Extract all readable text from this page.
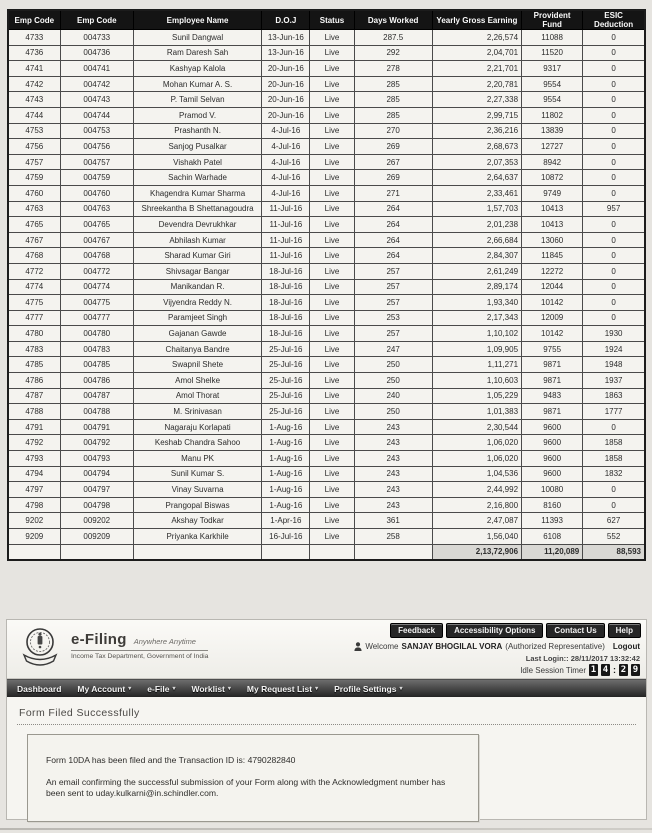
Emp Code	Emp Code	Employee Name	D.O.J	Status	Days Worked	Yearly Gross Earning	Provident Fund	ESIC Deduction
4733	004733	Sunil Dangwal	13-Jun-16	Live	287.5	2,26,574	11088	0
4736	004736	Ram Daresh Sah	13-Jun-16	Live	292	2,04,701	11520	0
4741	004741	Kashyap Kalola	20-Jun-16	Live	278	2,21,701	9317	0
4742	004742	Mohan Kumar A. S.	20-Jun-16	Live	285	2,20,781	9554	0
4743	004743	P. Tamil Selvan	20-Jun-16	Live	285	2,27,338	9554	0
4744	004744	Pramod V.	20-Jun-16	Live	285	2,99,715	11802	0
4753	004753	Prashanth N.	4-Jul-16	Live	270	2,36,216	13839	0
4756	004756	Sanjog Pusalkar	4-Jul-16	Live	269	2,68,673	12727	0
4757	004757	Vishakh Patel	4-Jul-16	Live	267	2,07,353	8942	0
4759	004759	Sachin Warhade	4-Jul-16	Live	269	2,64,637	10872	0
4760	004760	Khagendra Kumar Sharma	4-Jul-16	Live	271	2,33,461	9749	0
4763	004763	Shreekantha B Shettanagoudra	11-Jul-16	Live	264	1,57,703	10413	957
4765	004765	Devendra Devrukhkar	11-Jul-16	Live	264	2,01,238	10413	0
4767	004767	Abhilash Kumar	11-Jul-16	Live	264	2,66,684	13060	0
4768	004768	Sharad Kumar Giri	11-Jul-16	Live	264	2,84,307	11845	0
4772	004772	Shivsagar Bangar	18-Jul-16	Live	257	2,61,249	12272	0
4774	004774	Manikandan R.	18-Jul-16	Live	257	2,89,174	12044	0
4775	004775	Vijyendra Reddy N.	18-Jul-16	Live	257	1,93,340	10142	0
4777	004777	Paramjeet Singh	18-Jul-16	Live	253	2,17,343	12009	0
4780	004780	Gajanan Gawde	18-Jul-16	Live	257	1,10,102	10142	1930
4783	004783	Chaitanya Bandre	25-Jul-16	Live	247	1,09,905	9755	1924
4785	004785	Swapnil Shete	25-Jul-16	Live	250	1,11,271	9871	1948
4786	004786	Amol Shelke	25-Jul-16	Live	250	1,10,603	9871	1937
4787	004787	Amol Thorat	25-Jul-16	Live	240	1,05,229	9483	1863
4788	004788	M. Srinivasan	25-Jul-16	Live	250	1,01,383	9871	1777
4791	004791	Nagaraju Korlapati	1-Aug-16	Live	243	2,30,544	9600	0
4792	004792	Keshab Chandra Sahoo	1-Aug-16	Live	243	1,06,020	9600	1858
4793	004793	Manu PK	1-Aug-16	Live	243	1,06,020	9600	1858
4794	004794	Sunil Kumar S.	1-Aug-16	Live	243	1,04,536	9600	1832
4797	004797	Vinay Suvarna	1-Aug-16	Live	243	2,44,992	10080	0
4798	004798	Prangopal Biswas	1-Aug-16	Live	243	2,16,800	8160	0
9202	009202	Akshay Todkar	1-Apr-16	Live	361	2,47,087	11393	627
9209	009209	Priyanka Karkhile	16-Jul-16	Live	258	1,56,040	6108	552
						2,13,72,906	11,20,089	88,593
e-Filing Anywhere Anytime
Income Tax Department, Government of India
Feedback	Accessibility Options	Contact Us	Help
Welcome SANJAY BHOGILAL VORA (Authorized Representative) Logout
Last Login:: 28/11/2017 13:32:42
Idle Session Timer 1 4 : 2 9
Dashboard My Account ▾ e-File ▾ Worklist ▾ My Request List ▾ Profile Settings ▾
Form Filed Successfully

Form 10DA has been filed and the Transaction ID is: 4790282840

An email confirming the successful submission of your Form along with the Acknowledgment number has been sent to uday.kulkarni@in.schindler.com.
